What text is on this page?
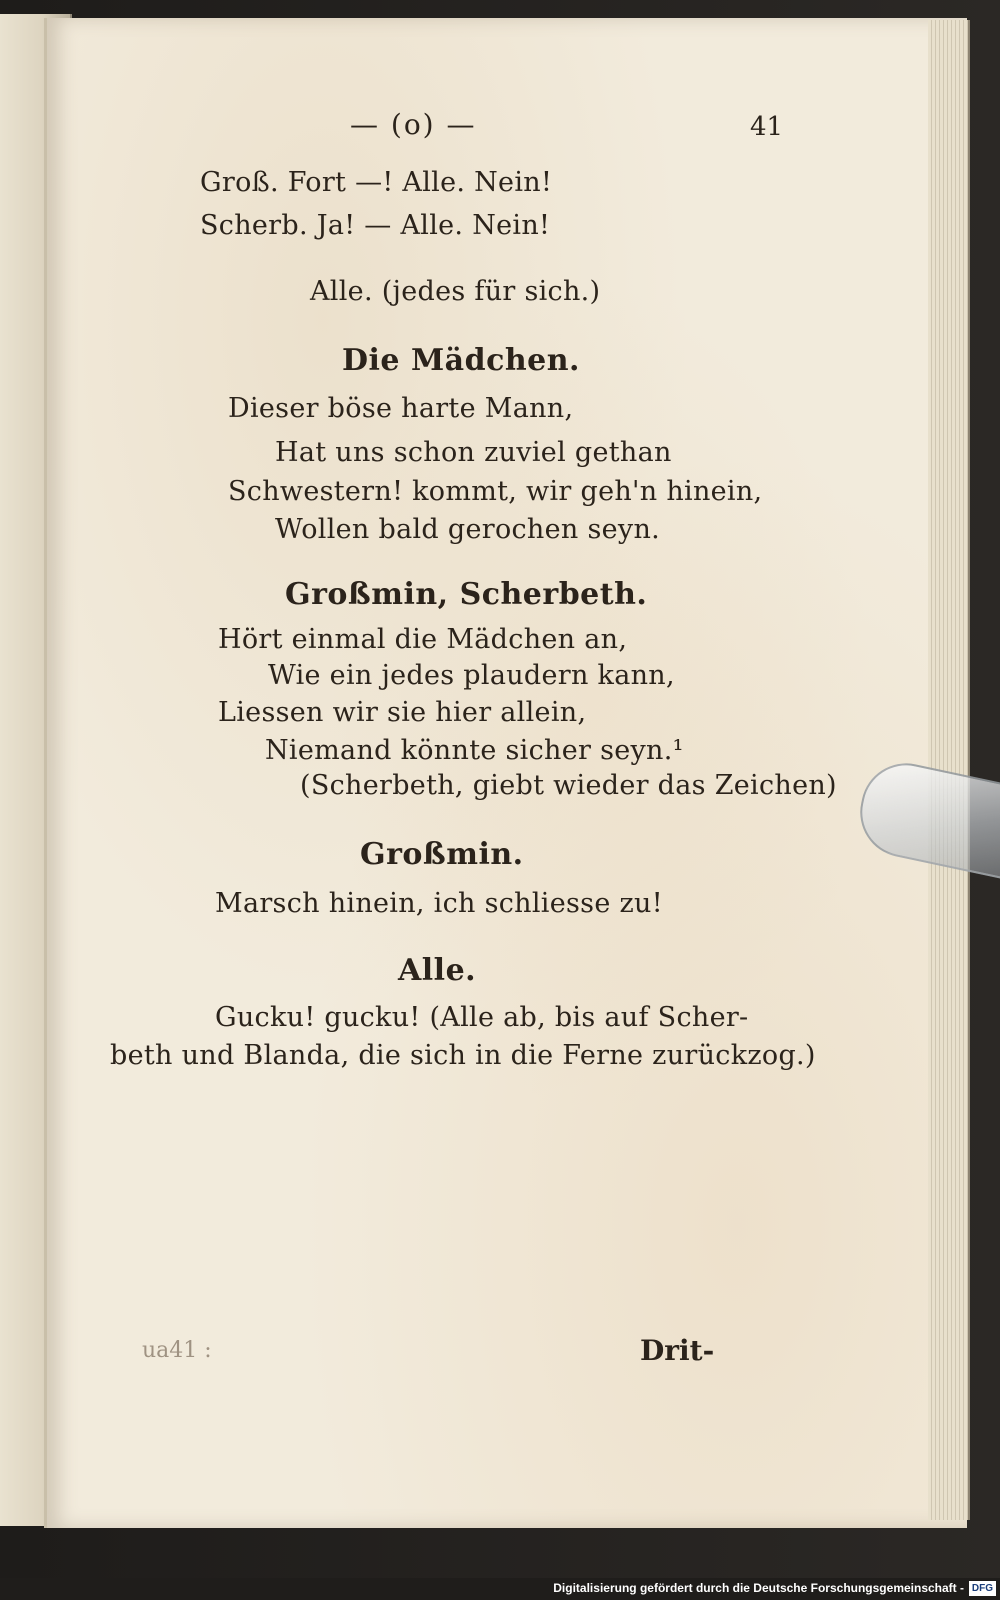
— (o) —	41
Groß. Fort —! Alle. Nein!
Scherb. Ja! — Alle. Nein!
Alle. (jedes für sich.)
Die Mädchen.
Dieser böse harte Mann,
Hat uns schon zuviel gethan
Schwestern! kommt, wir geh'n hinein,
Wollen bald gerochen seyn.
Großmin, Scherbeth.
Hört einmal die Mädchen an,
Wie ein jedes plaudern kann,
Liessen wir sie hier allein,
Niemand könnte sicher seyn.¹
(Scherbeth, giebt wieder das Zeichen)
Großmin.
Marsch hinein, ich schliesse zu!
Alle.
Gucku! gucku! (Alle ab, bis auf Scher-
beth und Blanda, die sich in die Ferne zurückzog.)
ua41 :	Drit-
Digitalisierung gefördert durch die Deutsche Forschungsgemeinschaft - DFG
